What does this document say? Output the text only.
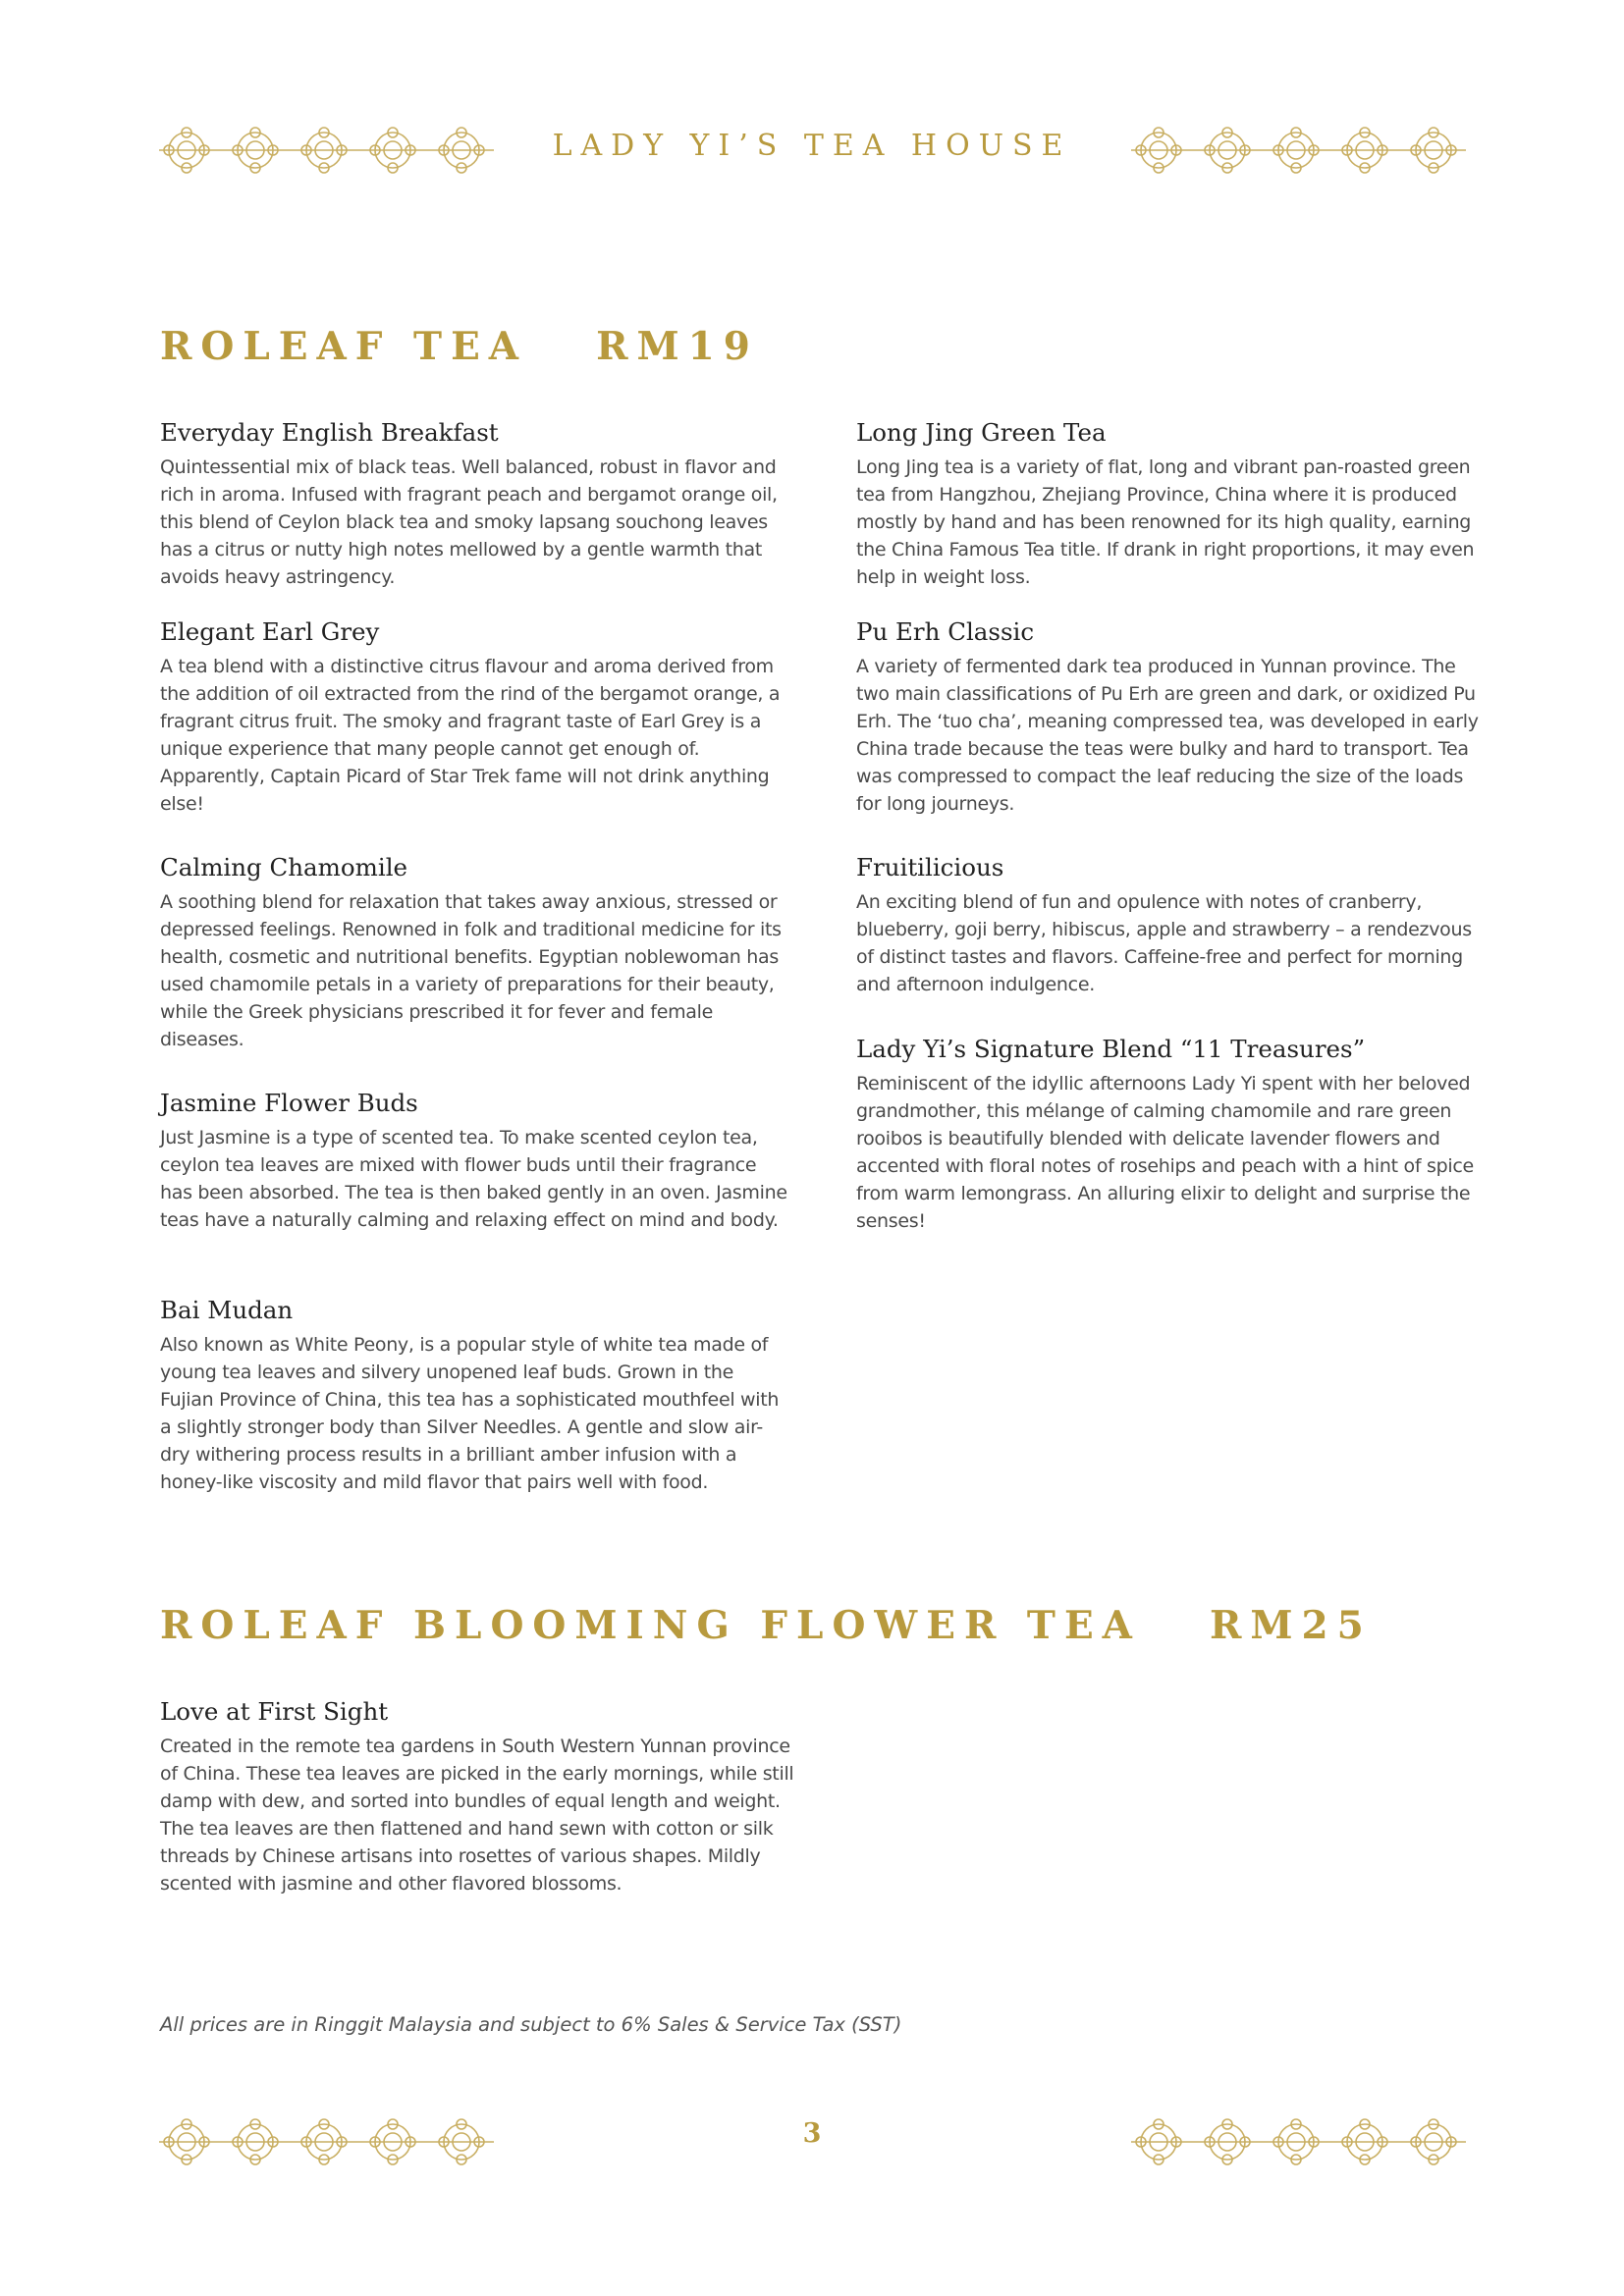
LADY YI’S TEA HOUSE
ROLEAF TEA RM19
Everyday English Breakfast

Quintessential mix of black teas. Well balanced, robust in flavor and rich in aroma. Infused with fragrant peach and bergamot orange oil, this blend of Ceylon black tea and smoky lapsang souchong leaves has a citrus or nutty high notes mellowed by a gentle warmth that avoids heavy astringency.

Elegant Earl Grey

A tea blend with a distinctive citrus flavour and aroma derived from the addition of oil extracted from the rind of the bergamot orange, a fragrant citrus fruit. The smoky and fragrant taste of Earl Grey is a unique experience that many people cannot get enough of. Apparently, Captain Picard of Star Trek fame will not drink anything else!

Calming Chamomile

A soothing blend for relaxation that takes away anxious, stressed or depressed feelings. Renowned in folk and traditional medicine for its health, cosmetic and nutritional benefits. Egyptian noblewoman has used chamomile petals in a variety of preparations for their beauty, while the Greek physicians prescribed it for fever and female diseases.

Jasmine Flower Buds

Just Jasmine is a type of scented tea. To make scented ceylon tea, ceylon tea leaves are mixed with flower buds until their fragrance has been absorbed. The tea is then baked gently in an oven. Jasmine teas have a naturally calming and relaxing effect on mind and body.

Bai Mudan

Also known as White Peony, is a popular style of white tea made of young tea leaves and silvery unopened leaf buds. Grown in the Fujian Province of China, this tea has a sophisticated mouthfeel with a slightly stronger body than Silver Needles. A gentle and slow air-dry withering process results in a brilliant amber infusion with a honey-like viscosity and mild flavor that pairs well with food.

Long Jing Green Tea

Long Jing tea is a variety of flat, long and vibrant pan-roasted green tea from Hangzhou, Zhejiang Province, China where it is produced mostly by hand and has been renowned for its high quality, earning the China Famous Tea title. If drank in right proportions, it may even help in weight loss.

Pu Erh Classic

A variety of fermented dark tea produced in Yunnan province. The two main classifications of Pu Erh are green and dark, or oxidized Pu Erh. The ‘tuo cha’, meaning compressed tea, was developed in early China trade because the teas were bulky and hard to transport. Tea was compressed to compact the leaf reducing the size of the loads for long journeys.

Fruitilicious

An exciting blend of fun and opulence with notes of cranberry, blueberry, goji berry, hibiscus, apple and strawberry – a rendezvous of distinct tastes and flavors. Caffeine-free and perfect for morning and afternoon indulgence.

Lady Yi’s Signature Blend “11 Treasures”

Reminiscent of the idyllic afternoons Lady Yi spent with her beloved grandmother, this mélange of calming chamomile and rare green rooibos is beautifully blended with delicate lavender flowers and accented with floral notes of rosehips and peach with a hint of spice from warm lemongrass. An alluring elixir to delight and surprise the senses!

ROLEAF BLOOMING FLOWER TEA RM25
Love at First Sight

Created in the remote tea gardens in South Western Yunnan province of China. These tea leaves are picked in the early mornings, while still damp with dew, and sorted into bundles of equal length and weight. The tea leaves are then flattened and hand sewn with cotton or silk threads by Chinese artisans into rosettes of various shapes. Mildly scented with jasmine and other flavored blossoms.

All prices are in Ringgit Malaysia and subject to 6% Sales & Service Tax (SST)
3
